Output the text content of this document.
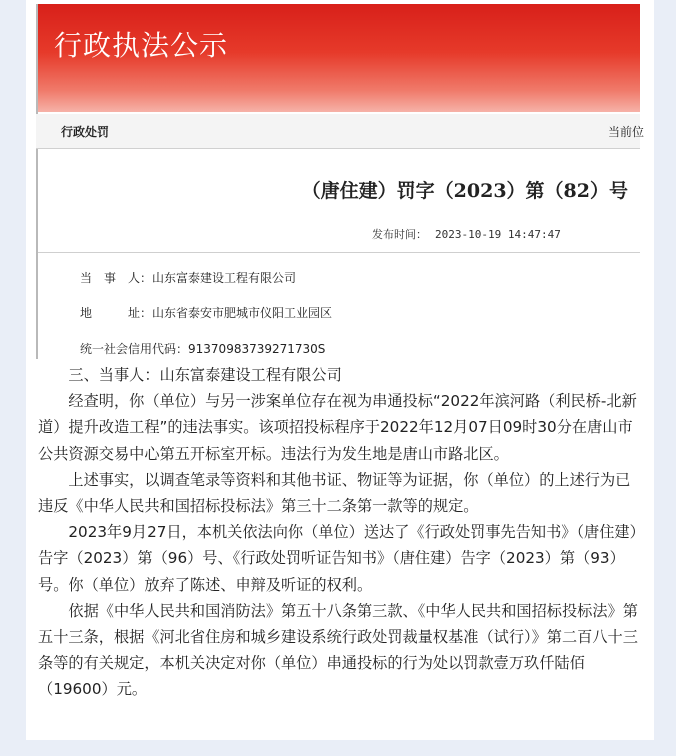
行政执法公示
行政处罚	当前位
（唐住建）罚字（2023）第（82）号
发布时间： 2023-10-19 14:47:47
当　事　人：山东富泰建设工程有限公司
地　　　址：山东省泰安市肥城市仪阳工业园区
统一社会信用代码：91370983739271730S

三、当事人：山东富泰建设工程有限公司

经查明，你（单位）与另一涉案单位存在视为串通投标“2022年滨河路（利民桥-北新道）提升改造工程”的违法事实。该项招投标程序于2022年12月07日09时30分在唐山市公共资源交易中心第五开标室开标。违法行为发生地是唐山市路北区。

上述事实，以调查笔录等资料和其他书证、物证等为证据，你（单位）的上述行为已违反《中华人民共和国招标投标法》第三十二条第一款等的规定。

2023年9月27日，本机关依法向你（单位）送达了《行政处罚事先告知书》（唐住建）告字（2023）第（96）号、《行政处罚听证告知书》（唐住建）告字（2023）第（93）号。你（单位）放弃了陈述、申辩及听证的权利。

依据《中华人民共和国消防法》第五十八条第三款、《中华人民共和国招标投标法》第五十三条，根据《河北省住房和城乡建设系统行政处罚裁量权基准（试行）》第二百八十三条等的有关规定，本机关决定对你（单位）串通投标的行为处以罚款壹万玖仟陆佰（19600）元。
